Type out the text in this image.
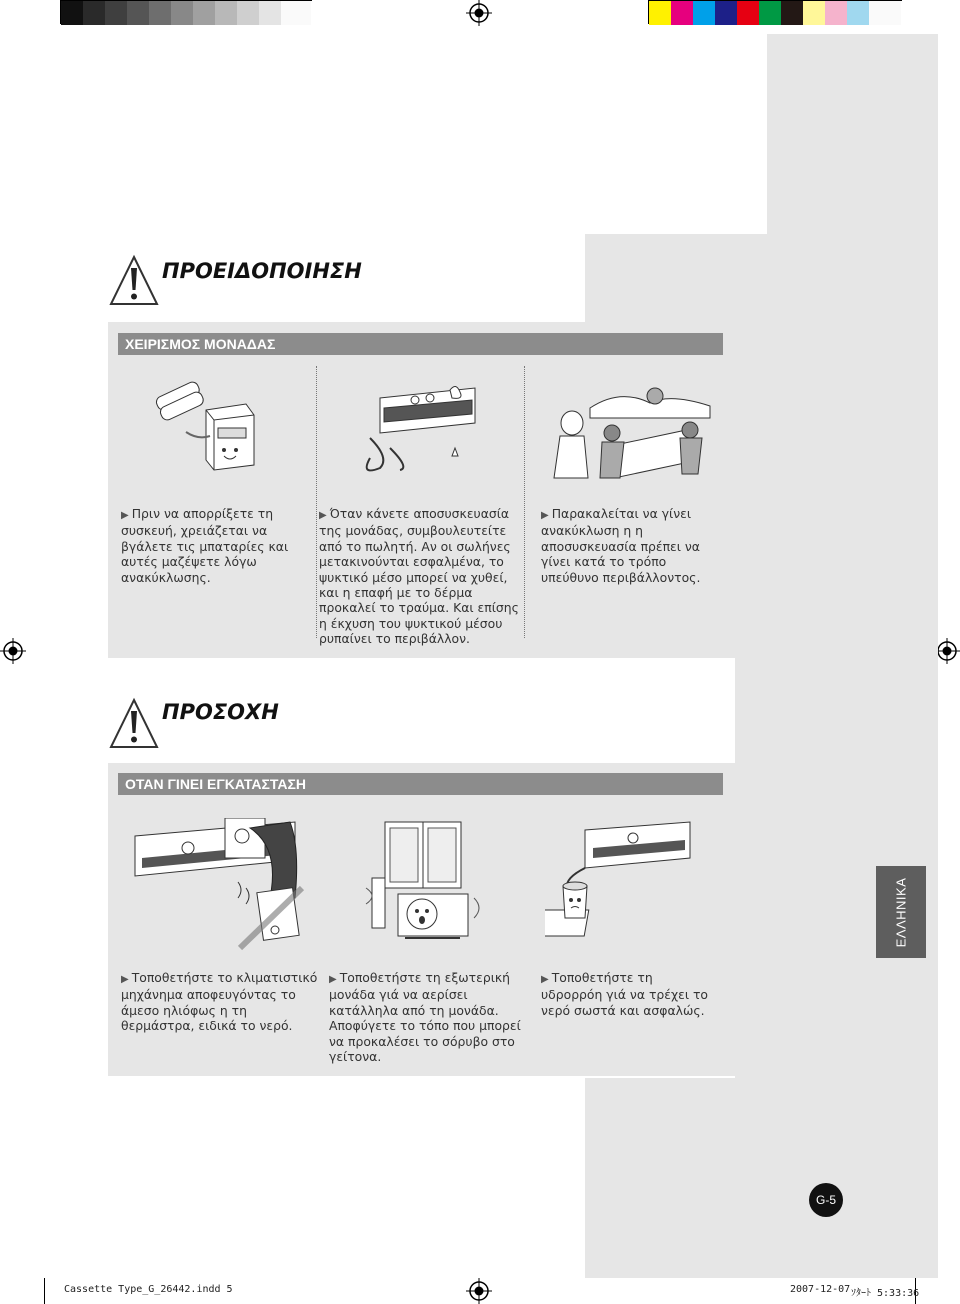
ΠΡΟΕΙΔΟΠΟΙΗΣΗ
ΧΕΙΡΙΣΜΟΣ ΜΟΝΑΔΑΣ
▶ Πριν να απορρίξετε τη συσκευή, χρειάζεται να βγάλετε τις μπαταρίες και αυτές μαζέψετε λόγω ανακύκλωσης.
▶ Όταν κάνετε αποσυσκευασία της μονάδας, συμβουλευτείτε από το πωλητή. Αν οι σωλήνες μετακινούνται εσφαλμένα, το ψυκτικό μέσο μπορεί να χυθεί, και η επαφή με το δέρμα προκαλεί το τραύμα. Και επίσης η έκχυση του ψυκτικού μέσου ρυπαίνει το περιβάλλον.
▶ Παρακαλείται να γίνει ανακύκλωση η η αποσυσκευασία πρέπει να γίνει κατά το τρόπο υπεύθυνο περιβάλλοντος.
ΠΡΟΣΟΧΗ
ΟΤΑΝ ΓΙΝΕΙ ΕΓΚΑΤΑΣΤΑΣΗ
▶ Τοποθετήστε το κλιματιστικό μηχάνημα αποφευγόντας το άμεσο ηλιόφως η τη θερμάστρα, ειδικά το νερό.
▶ Τοποθετήστε τη εξωτερική μονάδα γιά να αερίσει κατάλληλα από τη μονάδα. Αποφύγετε το τόπο που μπορεί να προκαλέσει το σόρυβο στο γείτονα.
▶ Τοποθετήστε τη υδρορρόη γιά να τρέχει το νερό σωστά και ασφαλώς.
ΕΛΛΗΝΙΚΑ
G-5
Cassette Type_G_26442.indd 5	2007-12-07 ｿﾀｰﾄ 5:33:36
